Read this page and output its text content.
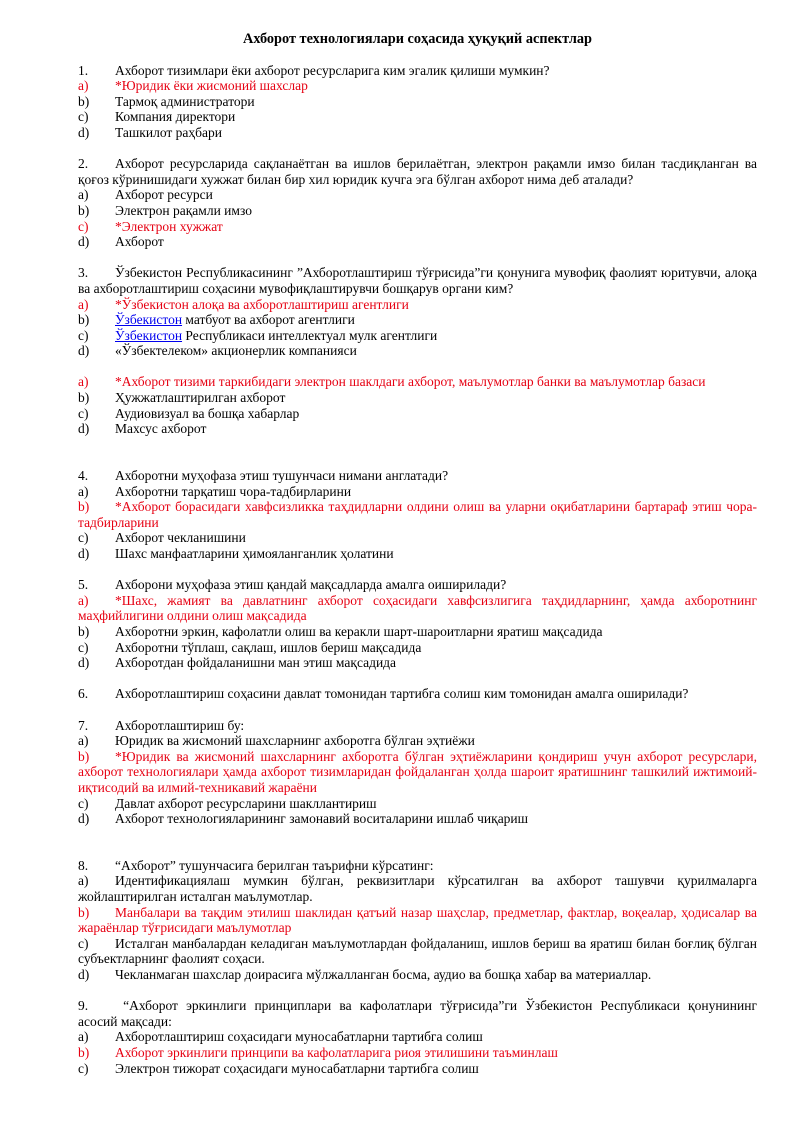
Ахборот технологиялари соҳасида ҳуқуқий аспектлар

1. Ахборот тизимлари ёки ахборот ресурсларига ким эгалик қилиши мумкин?

a) *Юридик ёки жисмоний шахслар

b) Тармоқ администратори

c) Компания директори

d) Ташкилот раҳбари

2. Ахборот ресурсларида сақланаётган ва ишлов берилаётган, электрон рақамли имзо билан тасдиқланган ва қоғоз кўринишидаги хужжат билан бир хил юридик кучга эга бўлган ахборот нима деб аталади?

a) Ахборот ресурси

b) Электрон рақамли имзо

c) *Электрон хужжат

d) Ахборот

3. Ўзбекистон Республикасининг ”Ахборотлаштириш тўғрисида”ги қонунига мувофиқ фаолият юритувчи, алоқа ва ахборотлаштириш соҳасини мувофиқлаштирувчи бошқарув органи ким?

a) *Ўзбекистон алоқа ва ахборотлаштириш агентлиги

b) Ўзбекистон матбуот ва ахборот агентлиги

c) Ўзбекистон Республикаси интеллектуал мулк агентлиги

d) «Ўзбектелеком» акционерлик компанияси

a) *Ахборот тизими таркибидаги электрон шаклдаги ахборот, маълумотлар банки ва маълумотлар базаси

b) Ҳужжатлаштирилган ахборот

c) Аудиовизуал ва бошқа хабарлар

d) Махсус ахборот

4. Ахборотни муҳофаза этиш тушунчаси нимани англатади?

a) Ахборотни тарқатиш чора-тадбирларини

b) *Ахборот борасидаги хавфсизликка таҳдидларни олдини олиш ва уларни оқибатларини бартараф этиш чора-тадбирларини

c) Ахборот чекланишини

d) Шахс манфаатларини ҳимояланганлик ҳолатини

5. Ахборони муҳофаза этиш қандай мақсадларда амалга оиширилади?

a) *Шахс, жамият ва давлатнинг ахборот соҳасидаги хавфсизлигига таҳдидларнинг, ҳамда ахборотнинг маҳфийлигини олдини олиш мақсадида

b) Ахборотни эркин, кафолатли олиш ва керакли шарт-шароитларни яратиш мақсадида

c) Ахборотни тўплаш, сақлаш, ишлов бериш мақсадида

d) Ахборотдан фойдаланишни ман этиш мақсадида

6. Ахборотлаштириш соҳасини давлат томонидан тартибга солиш ким томонидан амалга оширилади?

7. Ахборотлаштириш бу:

a) Юридик ва жисмоний шахсларнинг ахборотга бўлган эҳтиёжи

b) *Юридик ва жисмоний шахсларнинг ахборотга бўлган эҳтиёжларини қондириш учун ахборот ресурслари, ахборот технологиялари ҳамда ахборот тизимларидан фойдаланган ҳолда шароит яратишнинг ташкилий ижтимоий-иқтисодий ва илмий-техникавий жараёни

c) Давлат ахборот ресурсларини шакллантириш

d) Ахборот технологияларининг замонавий воситаларини ишлаб чиқариш

8. “Ахборот” тушунчасига берилган таърифни кўрсатинг:

a) Идентификациялаш мумкин бўлган, реквизитлари кўрсатилган ва ахборот ташувчи қурилмаларга жойлаштирилган исталган маълумотлар.

b) Манбалари ва тақдим этилиш шаклидан қатъий назар шаҳслар, предметлар, фактлар, воқеалар, ҳодисалар ва жараёнлар тўғрисидаги маълумотлар

c) Исталган манбалардан келадиган маълумотлардан фойдаланиш, ишлов бериш ва яратиш билан боғлиқ бўлган субъектларнинг фаолият соҳаси.

d) Чекланмаган шахслар доирасига мўлжалланган босма, аудио ва бошқа хабар ва материаллар.

9. “Ахборот эркинлиги принциплари ва кафолатлари тўғрисида”ги Ўзбекистон Республикаси қонунининг асосий мақсади:

a) Ахборотлаштириш соҳасидаги муносабатларни тартибга солиш

b) Ахборот эркинлиги принципи ва кафолатларига риоя этилишини таъминлаш

c) Электрон тижорат соҳасидаги муносабатларни тартибга солиш
